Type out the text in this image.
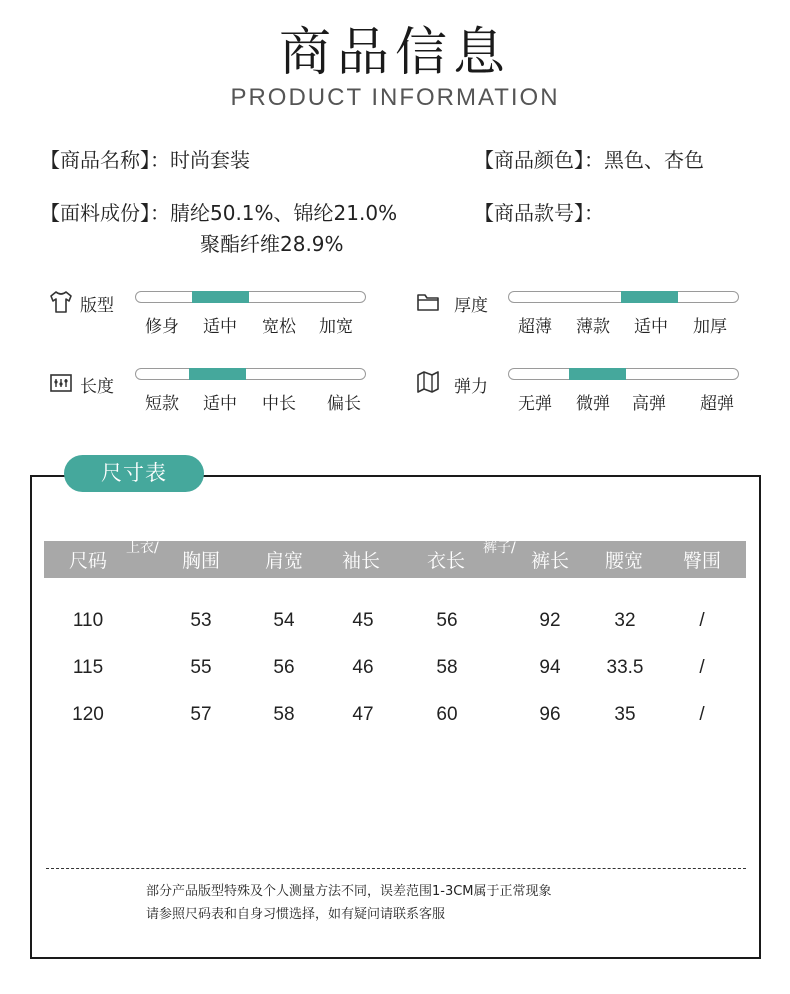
商品信息
PRODUCT INFORMATION
【商品名称】：时尚套装	【商品颜色】：黑色、杏色
【面料成份】：腈纶50.1%、锦纶21.0%
聚酯纤维28.9%
【商品款号】：
版型
修身 适中 宽松 加宽
厚度
超薄 薄款 适中 加厚
长度
短款 适中 中长 偏长
弹力
无弹 微弹 高弹 超弹
尺寸表
尺码
上衣/
胸围 肩宽 袖长 衣长
裤子/
裤长 腰宽 臀围
110	53	54	45	56	92	32	/
115	55	56	46	58	94 33.5	/
120	57	58	47	60	96	35	/
部分产品版型特殊及个人测量方法不同，误差范围1-3CM属于正常现象
请参照尺码表和自身习惯选择，如有疑问请联系客服
